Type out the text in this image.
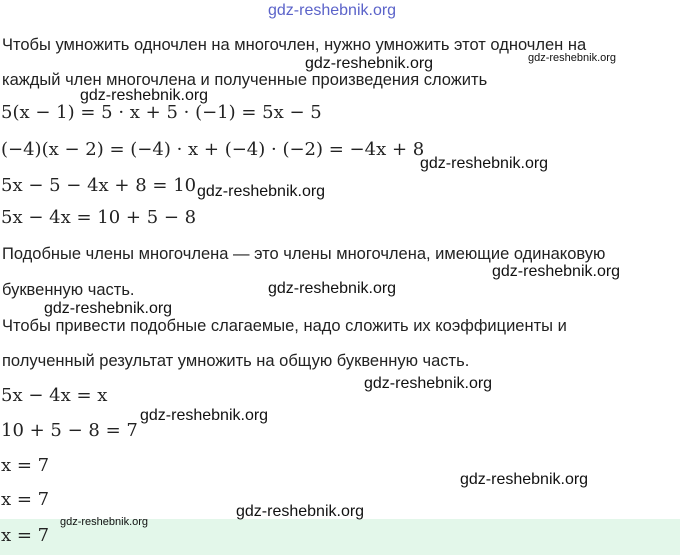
gdz-reshebnik.org
Чтобы умножить одночлен на многочлен, нужно умножить этот одночлен на
каждый член многочлена и полученные произведения сложить
5(x − 1) = 5 · x + 5 · (−1) = 5x − 5
(−4)(x − 2) = (−4) · x + (−4) · (−2) = −4x + 8
5x − 5 − 4x + 8 = 10
5x − 4x = 10 + 5 − 8
Подобные члены многочлена — это члены многочлена, имеющие одинаковую
буквенную часть.
Чтобы привести подобные слагаемые, надо сложить их коэффициенты и
полученный результат умножить на общую буквенную часть.
5x − 4x = x
10 + 5 − 8 = 7
x = 7
x = 7
x = 7
gdz-reshebnik.org	gdz-reshebnik.org
gdz-reshebnik.org
gdz-reshebnik.org
gdz-reshebnik.org
gdz-reshebnik.org
gdz-reshebnik.org
gdz-reshebnik.org
gdz-reshebnik.org
gdz-reshebnik.org
gdz-reshebnik.org
gdz-reshebnik.org
gdz-reshebnik.org
